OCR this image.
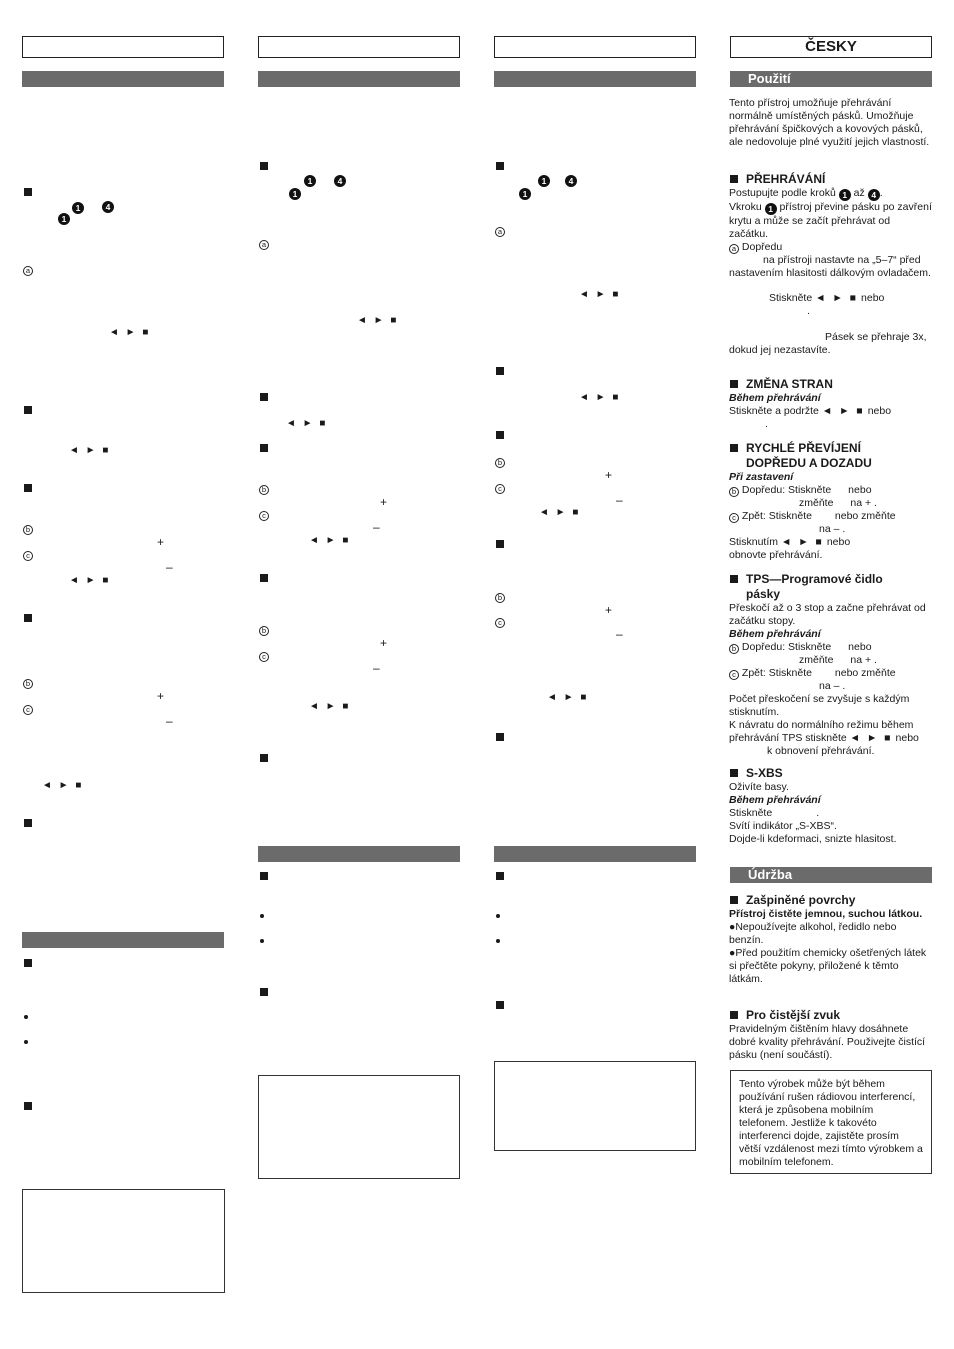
1	4
1
a
◄ ► ■
◄ ► ■
b
+
c
–
◄ ► ■
b
+
c
–
◄ ► ■
1	4
1
a
◄ ► ■
◄ ► ■
b
+
c
–
◄ ► ■
b
+
c
–
◄ ► ■
1	4
1
a
◄ ► ■
◄ ► ■
b
+
c
–
◄ ► ■
b
+
c
–
◄ ► ■
ČESKY
Použití

Tento přístroj umožňuje přehrávání normálně umístěných pásků. Umožňuje přehrávání špičkových a kovových pásků, ale nedovoluje plné využití jejich vlastností.

PŘEHRÁVÁNÍ

Postupujte podle kroků 1 až 4 .

Vkroku 1 přístroj převine pásku po zavření krytu a může se začít přehrávat od začátku.

a Dopředu
na přístroji nastavte na „5–7“ před nastavením hlasitosti dálkovým ovladačem.

Stiskněte ◄ ► ■ nebo
.

Pásek se přehraje 3x, dokud jej nezastavíte.

ZMĚNA STRAN

Během přehrávání

Stiskněte a podržte ◄ ► ■ nebo
.

RYCHLÉ PŘEVÍJENÍ
DOPŘEDU A DOZADU

Při zastavení

b Dopředu: Stiskněte nebo
změňte na + .

c Zpět: Stiskněte nebo změňte
na – .

Stisknutím ◄ ► ■ nebo
obnovte přehrávání.

TPS—Programové čidlo
pásky

Přeskočí až o 3 stop a začne přehrávat od začátku stopy.

Během přehrávání

b Dopředu: Stiskněte nebo
změňte na + .

c Zpět: Stiskněte nebo změňte
na – .

Počet přeskočení se zvyšuje s každým stisknutím.

K návratu do normálního režimu během přehrávání TPS stiskněte ◄ ► ■ nebo k obnovení přehrávání.

S-XBS

Oživíte basy.

Během přehrávání

Stiskněte	.

Svítí indikátor „S-XBS“.

Dojde-li kdeformaci, snizte hlasitost.

Údržba
Zašpiněné povrchy

Přístroj čistěte jemnou, suchou látkou.

●Nepoužívejte alkohol, ředidlo nebo benzín.

●Před použitím chemicky ošetřených látek si přečtěte pokyny, přiložené k těmto látkám.

Pro čistější zvuk

Pravidelným čištěním hlavy dosáhnete dobré kvality přehrávání. Použivejte čistící pásku (není součástí).

Tento výrobek může být během používání rušen rádiovou interferencí, která je způsobena mobilním telefonem. Jestliže k takovéto interferenci dojde, zajistěte prosím větší vzdálenost mezi tímto výrobkem a mobilním telefonem.
